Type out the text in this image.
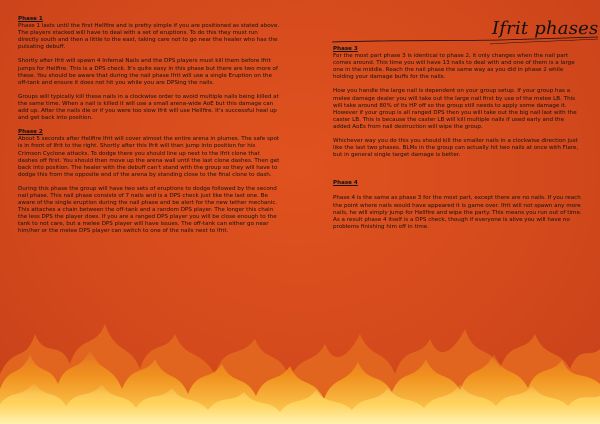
Ifrit phases
Phase 1

Phase 1 lasts until the first Hellfire and is pretty simple if you are positioned as stated above. The players stacked will have to deal with a set of eruptions. To do this they must run directly south and then a little to the east, taking care not to go near the healer who has the pulsating debuff.

Shortly after Ifrit will spawn 4 Infernal Nails and the DPS players must kill them before Ifrit jumps for Hellfire. This is a DPS check. It's quite easy in this phase but there are two more of these. You should be aware that during the nail phase Ifrit will use a single Eruption on the off-tank and ensure it does not hit you while you are DPSing the nails.

Groups will typically kill these nails in a clockwise order to avoid multiple nails being killed at the same time. When a nail is killed it will use a small arena-wide AoE but this damage can add up. After the nails die or if you were too slow Ifrit will use Hellfire. It's successful heal up and get back into position.

Phase 2

About 5 seconds after Hellfire Ifrit will cover almost the entire arena in plumes. The safe spot is in front of Ifrit to the right. Shortly after this Ifrit will then jump into position for his Crimson Cyclone attacks. To dodge there you should line up next to the Ifrit clone that dashes off first. You should then move up the arena wall until the last clone dashes. Then get back into position. The healer with the debuff can't stand with the group so they will have to dodge this from the opposite end of the arena by standing close to the final clone to dash.

During this phase the group will have two sets of eruptions to dodge followed by the second nail phase. This nail phase consists of 7 nails and is a DPS check just like the last one. Be aware of the single eruption during the nail phase and be alert for the new tether mechanic. This attaches a chain between the off-tank and a random DPS player. The longer this chain the less DPS the player does. If you are a ranged DPS player you will be close enough to the tank to not care, but a melee DPS player will have issues. The off-tank can either go near him/her or the melee DPS player can switch to one of the nails next to Ifrit.

Phase 3

For the most part phase 3 is identical to phase 2, it only changes when the nail part comes around. This time you will have 13 nails to deal with and one of them is a large one in the middle. Reach the nail phase the same way as you did in phase 2 while holding your damage buffs for the nails.

How you handle the large nail is dependent on your group setup. If your group has a melee damage dealer you will take out the large nail first by use of the melee LB. This will take around 80% of its HP off so the group still needs to apply some damage it. However if your group is all ranged DPS then you will take out the big nail last with the caster LB. This is because the caster LB will kill multiple nails if used early and the added AoEs from nail destruction will wipe the group.

Whichever way you do this you should kill the smaller nails in a clockwise direction just like the last two phases. BLMs in the group can actually hit two nails at once with Flare, but in general single target damage is better.

Phase 4

Phase 4 is the same as phase 3 for the most part, except there are no nails. If you reach the point where nails would have appeared it is game over. Ifrit will not spawn any more nails, he will simply jump for Hellfire and wipe the party. This means you run out of time. As a result phase 4 itself is a DPS check, though if everyone is alive you will have no problems finishing him off in time.
